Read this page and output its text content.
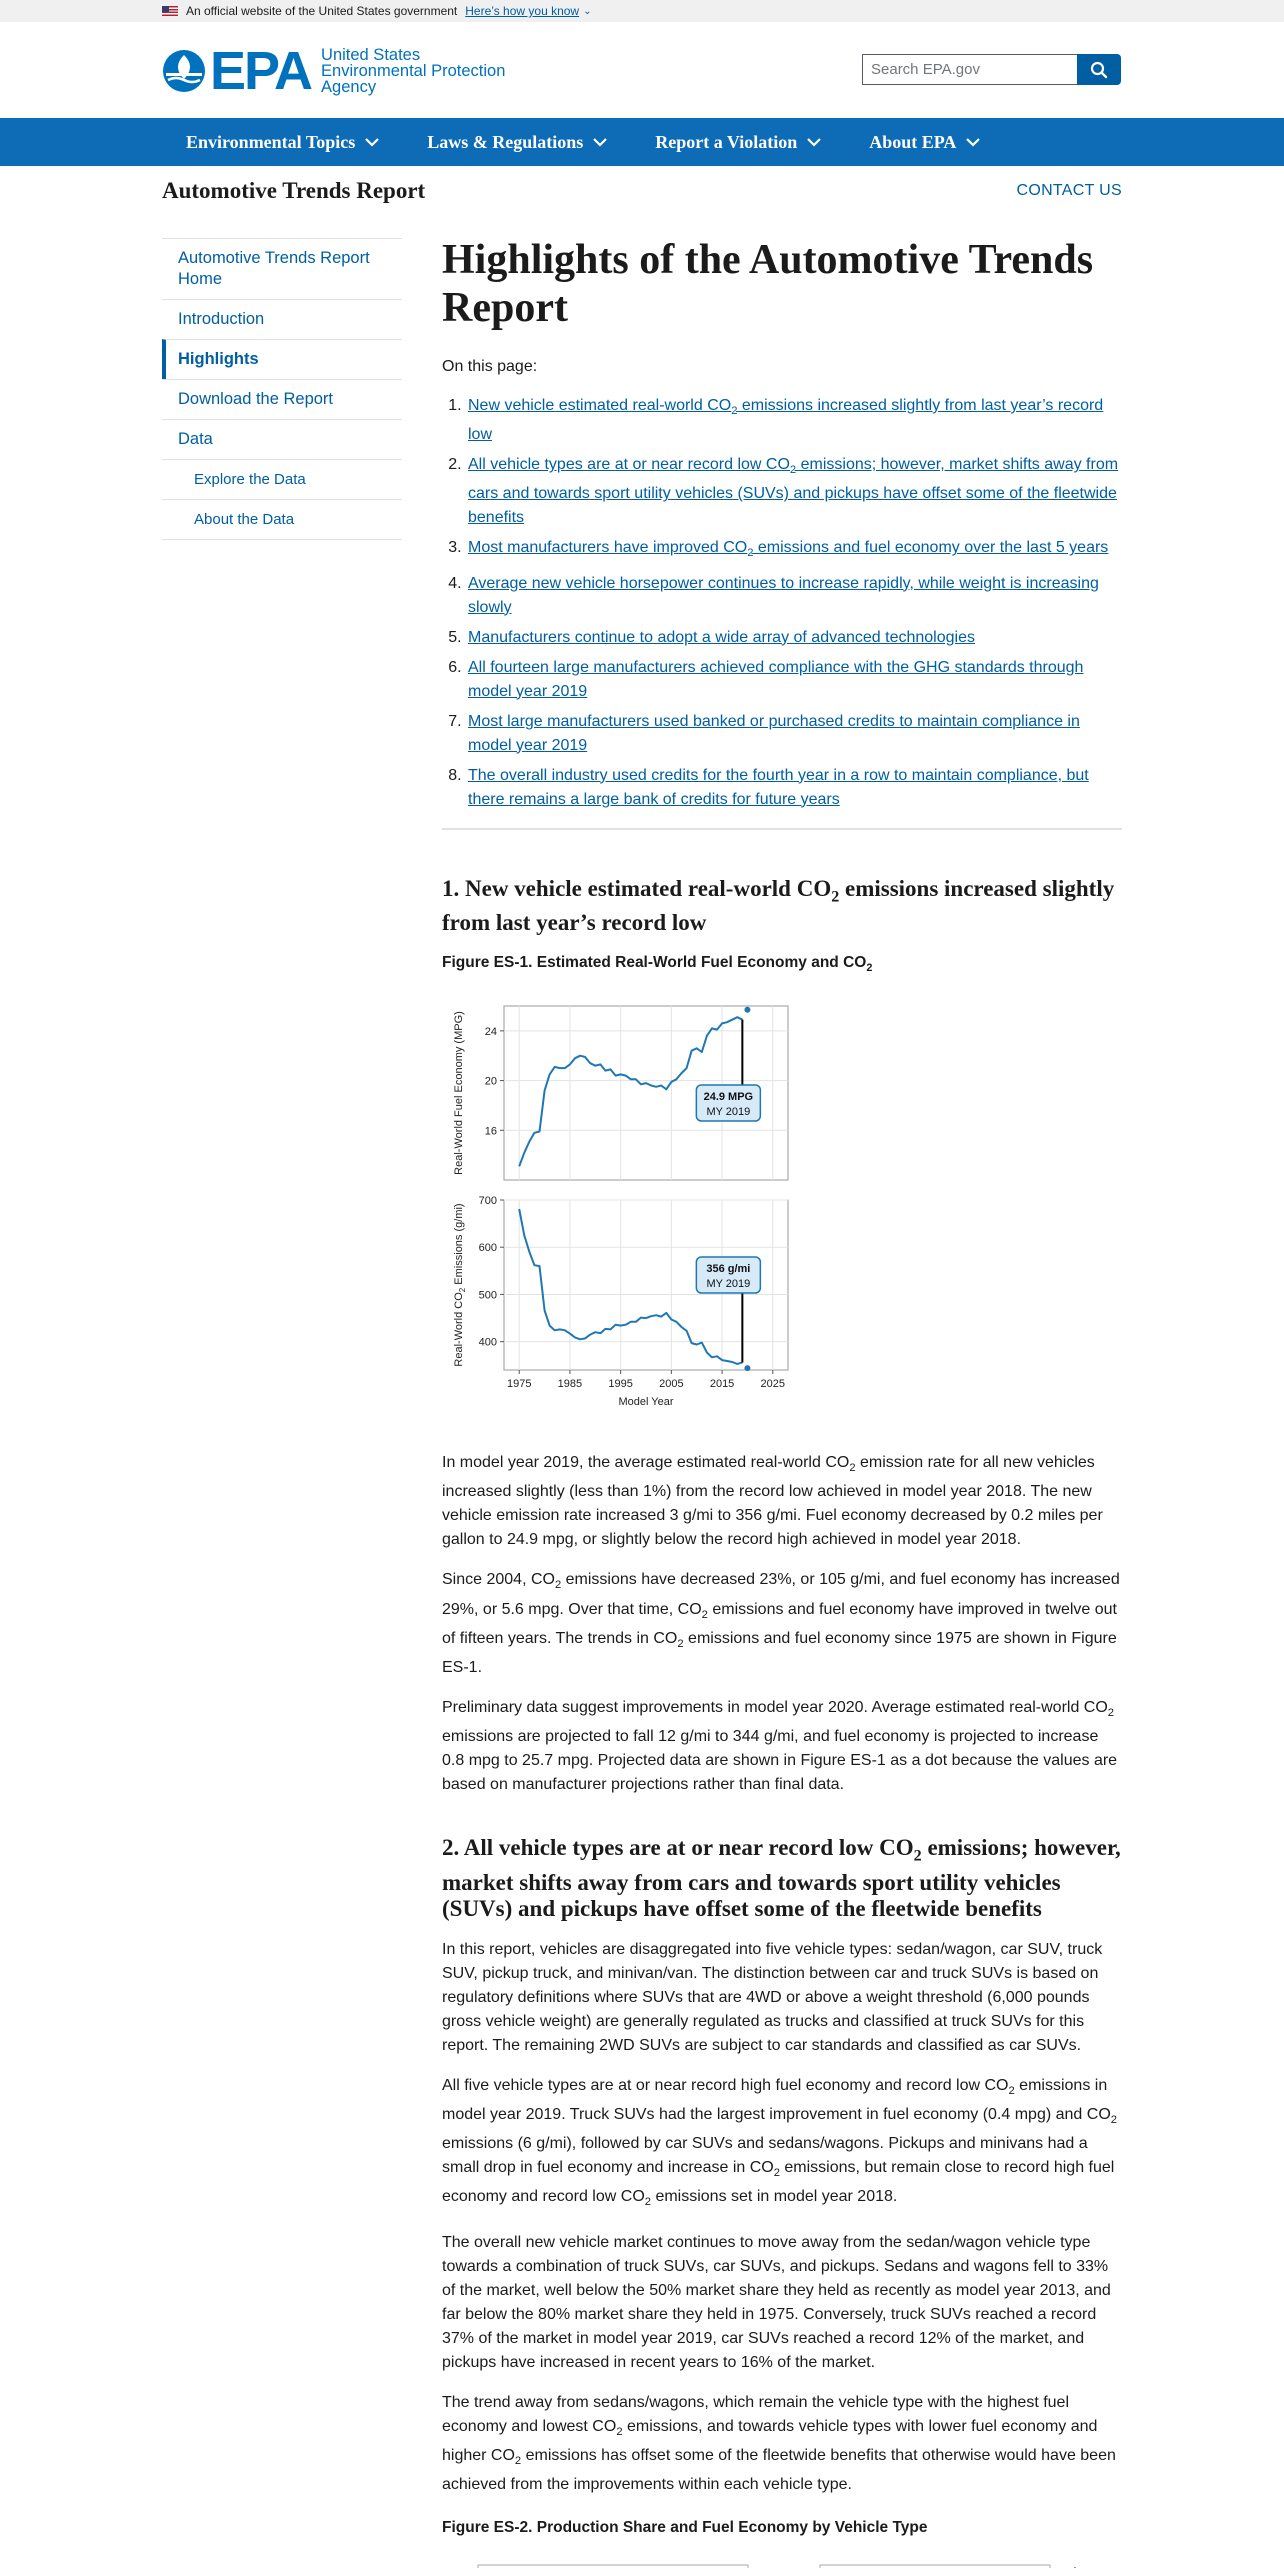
An official website of the United States government Here’s how you know ⌄
EPA United States
Environmental Protection
Agency
Search EPA.gov
Environmental Topics	Laws & Regulations	Report a Violation	About EPA
Automotive Trends Report	CONTACT US
Automotive Trends Report Home
Introduction
Highlights
Download the Report
Data
Explore the Data
About the Data
Highlights of the Automotive Trends Report
On this page:
1. New vehicle estimated real-world $CO_2$ emissions increased slightly from last year’s record low
2. All vehicle types are at or near record low $CO_2$ emissions; however, market shifts away from cars and towards sport utility vehicles (SUVs) and pickups have offset some of the fleetwide benefits
3. Most manufacturers have improved $CO_2$ emissions and fuel economy over the last 5 years
4. Average new vehicle horsepower continues to increase rapidly, while weight is increasing slowly
5. Manufacturers continue to adopt a wide array of advanced technologies
6. All fourteen large manufacturers achieved compliance with the GHG standards through model year 2019
7. Most large manufacturers used banked or purchased credits to maintain compliance in model year 2019
8. The overall industry used credits for the fourth year in a row to maintain compliance, but there remains a large bank of credits for future years
1. New vehicle estimated real-world $CO_2$ emissions increased slightly from last year’s record low
Figure ES-1. Estimated Real-World Fuel Economy and $CO_2$
16
20
24
Real-World Fuel Economy (MPG)	24.9 MPG
MY 2019
400
500
600
700
Real-World $CO_2$ Emissions (g/mi)	356 g/mi
MY 2019
1975 1985 1995 2005 2015 2025
Model Year

In model year 2019, the average estimated real-world $CO_2$ emission rate for all new vehicles increased slightly (less than 1%) from the record low achieved in model year 2018. The new vehicle emission rate increased 3 g/mi to 356 g/mi. Fuel economy decreased by 0.2 miles per gallon to 24.9 mpg, or slightly below the record high achieved in model year 2018.

Since 2004, $CO_2$ emissions have decreased 23%, or 105 g/mi, and fuel economy has increased 29%, or 5.6 mpg. Over that time, $CO_2$ emissions and fuel economy have improved in twelve out of fifteen years. The trends in $CO_2$ emissions and fuel economy since 1975 are shown in Figure ES-1.

Preliminary data suggest improvements in model year 2020. Average estimated real-world $CO_2$ emissions are projected to fall 12 g/mi to 344 g/mi, and fuel economy is projected to increase 0.8 mpg to 25.7 mpg. Projected data are shown in Figure ES-1 as a dot because the values are based on manufacturer projections rather than final data.

2. All vehicle types are at or near record low $CO_2$ emissions; however, market shifts away from cars and towards sport utility vehicles (SUVs) and pickups have offset some of the fleetwide benefits

In this report, vehicles are disaggregated into five vehicle types: sedan/wagon, car SUV, truck SUV, pickup truck, and minivan/van. The distinction between car and truck SUVs is based on regulatory definitions where SUVs that are 4WD or above a weight threshold (6,000 pounds gross vehicle weight) are generally regulated as trucks and classified at truck SUVs for this report. The remaining 2WD SUVs are subject to car standards and classified as car SUVs.

All five vehicle types are at or near record high fuel economy and record low $CO_2$ emissions in model year 2019. Truck SUVs had the largest improvement in fuel economy (0.4 mpg) and $CO_2$ emissions (6 g/mi), followed by car SUVs and sedans/wagons. Pickups and minivans had a small drop in fuel economy and increase in $CO_2$ emissions, but remain close to record high fuel economy and record low $CO_2$ emissions set in model year 2018.

The overall new vehicle market continues to move away from the sedan/wagon vehicle type towards a combination of truck SUVs, car SUVs, and pickups. Sedans and wagons fell to 33% of the market, well below the 50% market share they held as recently as model year 2013, and far below the 80% market share they held in 1975. Conversely, truck SUVs reached a record 37% of the market in model year 2019, car SUVs reached a record 12% of the market, and pickups have increased in recent years to 16% of the market.

The trend away from sedans/wagons, which remain the vehicle type with the highest fuel economy and lowest $CO_2$ emissions, and towards vehicle types with lower fuel economy and higher $CO_2$ emissions has offset some of the fleetwide benefits that otherwise would have been achieved from the improvements within each vehicle type.

Figure ES-2. Production Share and Fuel Economy by Vehicle Type
